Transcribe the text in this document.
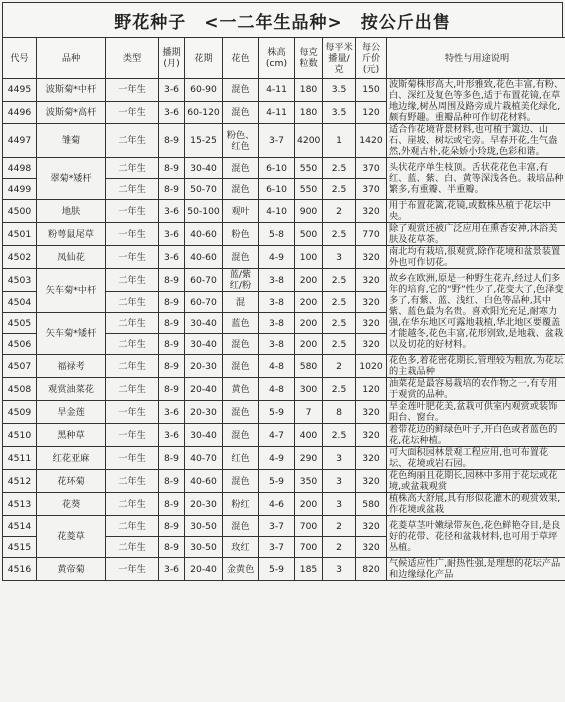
野花种子　<一二年生品种>　按公斤出售
代号	品种	类型	播期(月)	花期	花色	株高(cm)	每克粒数	每平米播量/克	每公斤价(元)	特性与用途说明
4495	波斯菊*中杆	一年生	3-6	60-90	混色	4-11	180	3.5	150	波斯菊株形高大,叶形雅致,花色丰富,有粉、白、深红及复色等多色,适于布置花镜,在草地边缘,树丛周围及路旁成片栽植美化绿化,颇有野趣。重瓣品种可作切花材料。
4496	波斯菊*高杆	一年生	3-6	60-120	混色	4-11	180	3.5	120	
4497	雏菊	二年生	8-9	15-25	粉色、红色	3-7	4200	1	1420	适合作花境背景材料,也可植于篱边、山石、崖坡、树坛或宅旁。早春开花,生气盎然,外观古朴,花朵娇小玲珑,色彩和谐。
4498	翠菊*矮杆	二年生	8-9	30-40	混色	6-10	550	2.5	370	头状花序单生枝顶。舌状花花色丰富,有红、蓝、紫、白、黄等深浅各色。栽培品种繁多,有重瓣、半重瓣。
4499		二年生	8-9	50-70	混色	6-10	550	2.5	370	
4500	地肤	一年生	3-6	50-100	观叶	4-10	900	2	320	用于布置花篱,花镜,或数株丛植于花坛中央。
4501	粉萼鼠尾草	一年生	3-6	40-60	粉色	5-8	500	2.5	770	除了观赏还被广泛应用在熏香安神,沐浴美肤及花草茶。
4502	凤仙花	一年生	3-6	40-60	混色	4-9	100	3	320	南北均有栽培,很观赏,除作花境和盆景装置外也可作切花。
4503	矢车菊*中杆	二年生	8-9	60-70	蓝/紫红/粉	3-8	200	2.5	320	故乡在欧洲,原是一种野生花卉,经过人们多年的培育,它的“野”性少了,花变大了,色泽变多了,有紫、蓝、浅红、白色等品种,其中紫、蓝色最为名贵。喜欢阳光充足,耐寒力强,在华东地区可露地栽植,华北地区要覆盖才能越冬,花色丰富,花形别致,是地栽、盆栽以及切花的好材料。
4504		二年生	8-9	60-70	混	3-8	200	2.5	320	
4505	矢车菊*矮杆	二年生	8-9	30-40	蓝色	3-8	200	2.5	320	
4506		二年生	8-9	30-40	混色	3-8	200	2.5	320	
4507	福禄考	二年生	8-9	20-30	混色	4-8	580	2	1020	花色多,着花密花期长,管理较为粗放,为花坛的主栽品种
4508	观赏油菜花	二年生	8-9	20-40	黄色	4-8	300	2.5	120	油菜花是最容易栽培的农作物之一,有专用于观赏的品种。
4509	旱金莲	一年生	3-6	20-30	混色	5-9	7	8	320	旱金莲叶肥花美,盆栽可供室内观赏或装饰阳台、窗台。
4510	黑种草	一年生	3-6	30-40	混色	4-7	400	2.5	320	着带花边的鲜绿色叶子,开白色或者蓝色的花,花坛种植。
4511	红花亚麻	一年生	8-9	40-70	红色	4-9	290	3	320	可大面积园林景观工程应用,也可布置花坛、花境或岩石园。
4512	花环菊	二年生	8-9	40-60	混色	5-9	350	3	320	花色绚丽且花期长,园林中多用于花坛或花境,或盆栽观赏
4513	花葵	二年生	8-9	20-30	粉红	4-6	200	3	580	植株高大舒展,具有形似花灌木的观赏效果,作花境或盆栽
4514	花菱草	二年生	8-9	30-50	混色	3-7	700	2	320	花菱草茎叶嫩绿带灰色,花色鲜艳夺目,是良好的花带、花径和盆栽材料,也可用于草坪丛植。
4515		二年生	8-9	30-50	玫红	3-7	700	2	320	
4516	黄帝菊	一年生	3-6	20-40	金黄色	5-9	185	3	820	气候适应性广,耐热性强,是理想的花坛产品和边缘绿化产品
